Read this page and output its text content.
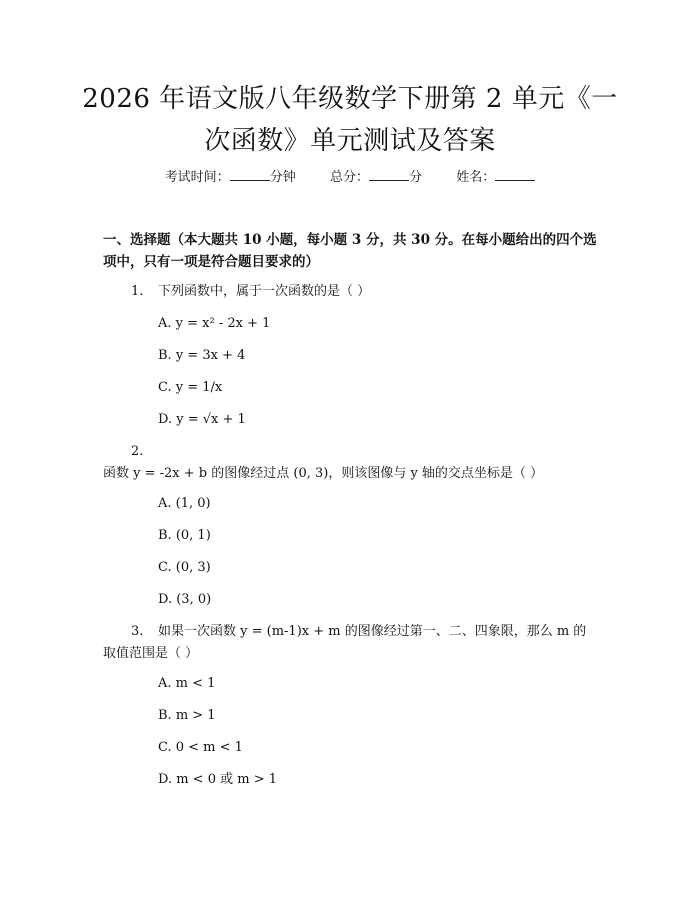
2026 年语文版八年级数学下册第 2 单元《一
次函数》单元测试及答案
考试时间：	分钟	总分：	分	姓名：
一、选择题（本大题共 10 小题，每小题 3 分，共 30 分。在每小题给出的四个选项中，只有一项是符合题目要求的）
1. 下列函数中，属于一次函数的是（ ）
A. y = x² - 2x + 1
B. y = 3x + 4
C. y = 1/x
D. y = √x + 1
2.函数 y = -2x + b 的图像经过点 (0, 3)，则该图像与 y 轴的交点坐标是（ ）
A. (1, 0)
B. (0, 1)
C. (0, 3)
D. (3, 0)
3. 如果一次函数 y = (m-1)x + m 的图像经过第一、二、四象限，那么 m 的取值范围是（ ）
A. m < 1
B. m > 1
C. 0 < m < 1
D. m < 0 或 m > 1
